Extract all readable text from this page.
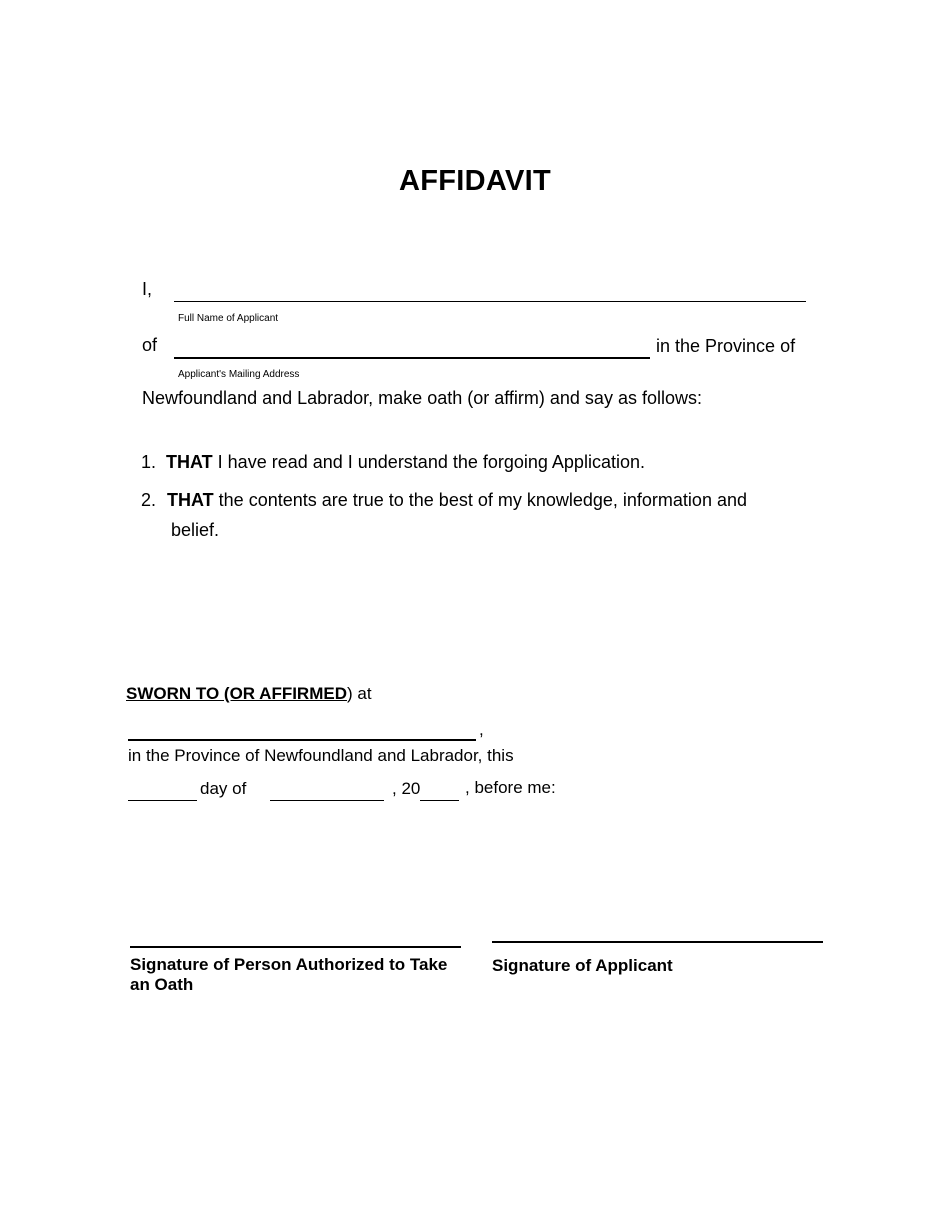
AFFIDAVIT
I,
Full Name of Applicant
of	in the Province of
Applicant's Mailing Address
Newfoundland and Labrador, make oath (or affirm) and say as follows:
1. THAT I have read and I understand the forgoing Application.
2. THAT the contents are true to the best of my knowledge, information and
belief.
SWORN TO (OR AFFIRMED) at
,
in the Province of Newfoundland and Labrador, this
day of	, 20	, before me:
Signature of Person Authorized to Take
an Oath
Signature of Applicant
